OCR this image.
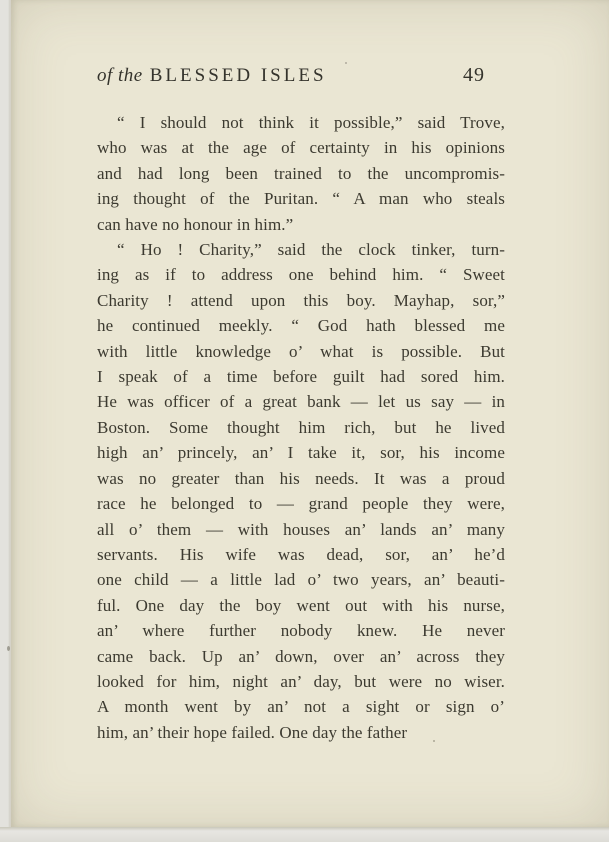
of the BLESSED ISLES	49
“ I should not think it possible,” said Trove,
who was at the age of certainty in his opinions
and had long been trained to the uncompromis-
ing thought of the Puritan. “ A man who steals
can have no honour in him.”
“ Ho ! Charity,” said the clock tinker, turn-
ing as if to address one behind him. “ Sweet
Charity ! attend upon this boy. Mayhap, sor,”
he continued meekly. “ God hath blessed me
with little knowledge o’ what is possible. But
I speak of a time before guilt had sored him.
He was officer of a great bank — let us say — in
Boston. Some thought him rich, but he lived
high an’ princely, an’ I take it, sor, his income
was no greater than his needs. It was a proud
race he belonged to — grand people they were,
all o’ them — with houses an’ lands an’ many
servants. His wife was dead, sor, an’ he’d
one child — a little lad o’ two years, an’ beauti-
ful. One day the boy went out with his nurse,
an’ where further nobody knew. He never
came back. Up an’ down, over an’ across they
looked for him, night an’ day, but were no wiser.
A month went by an’ not a sight or sign o’
him, an’ their hope failed. One day the father
